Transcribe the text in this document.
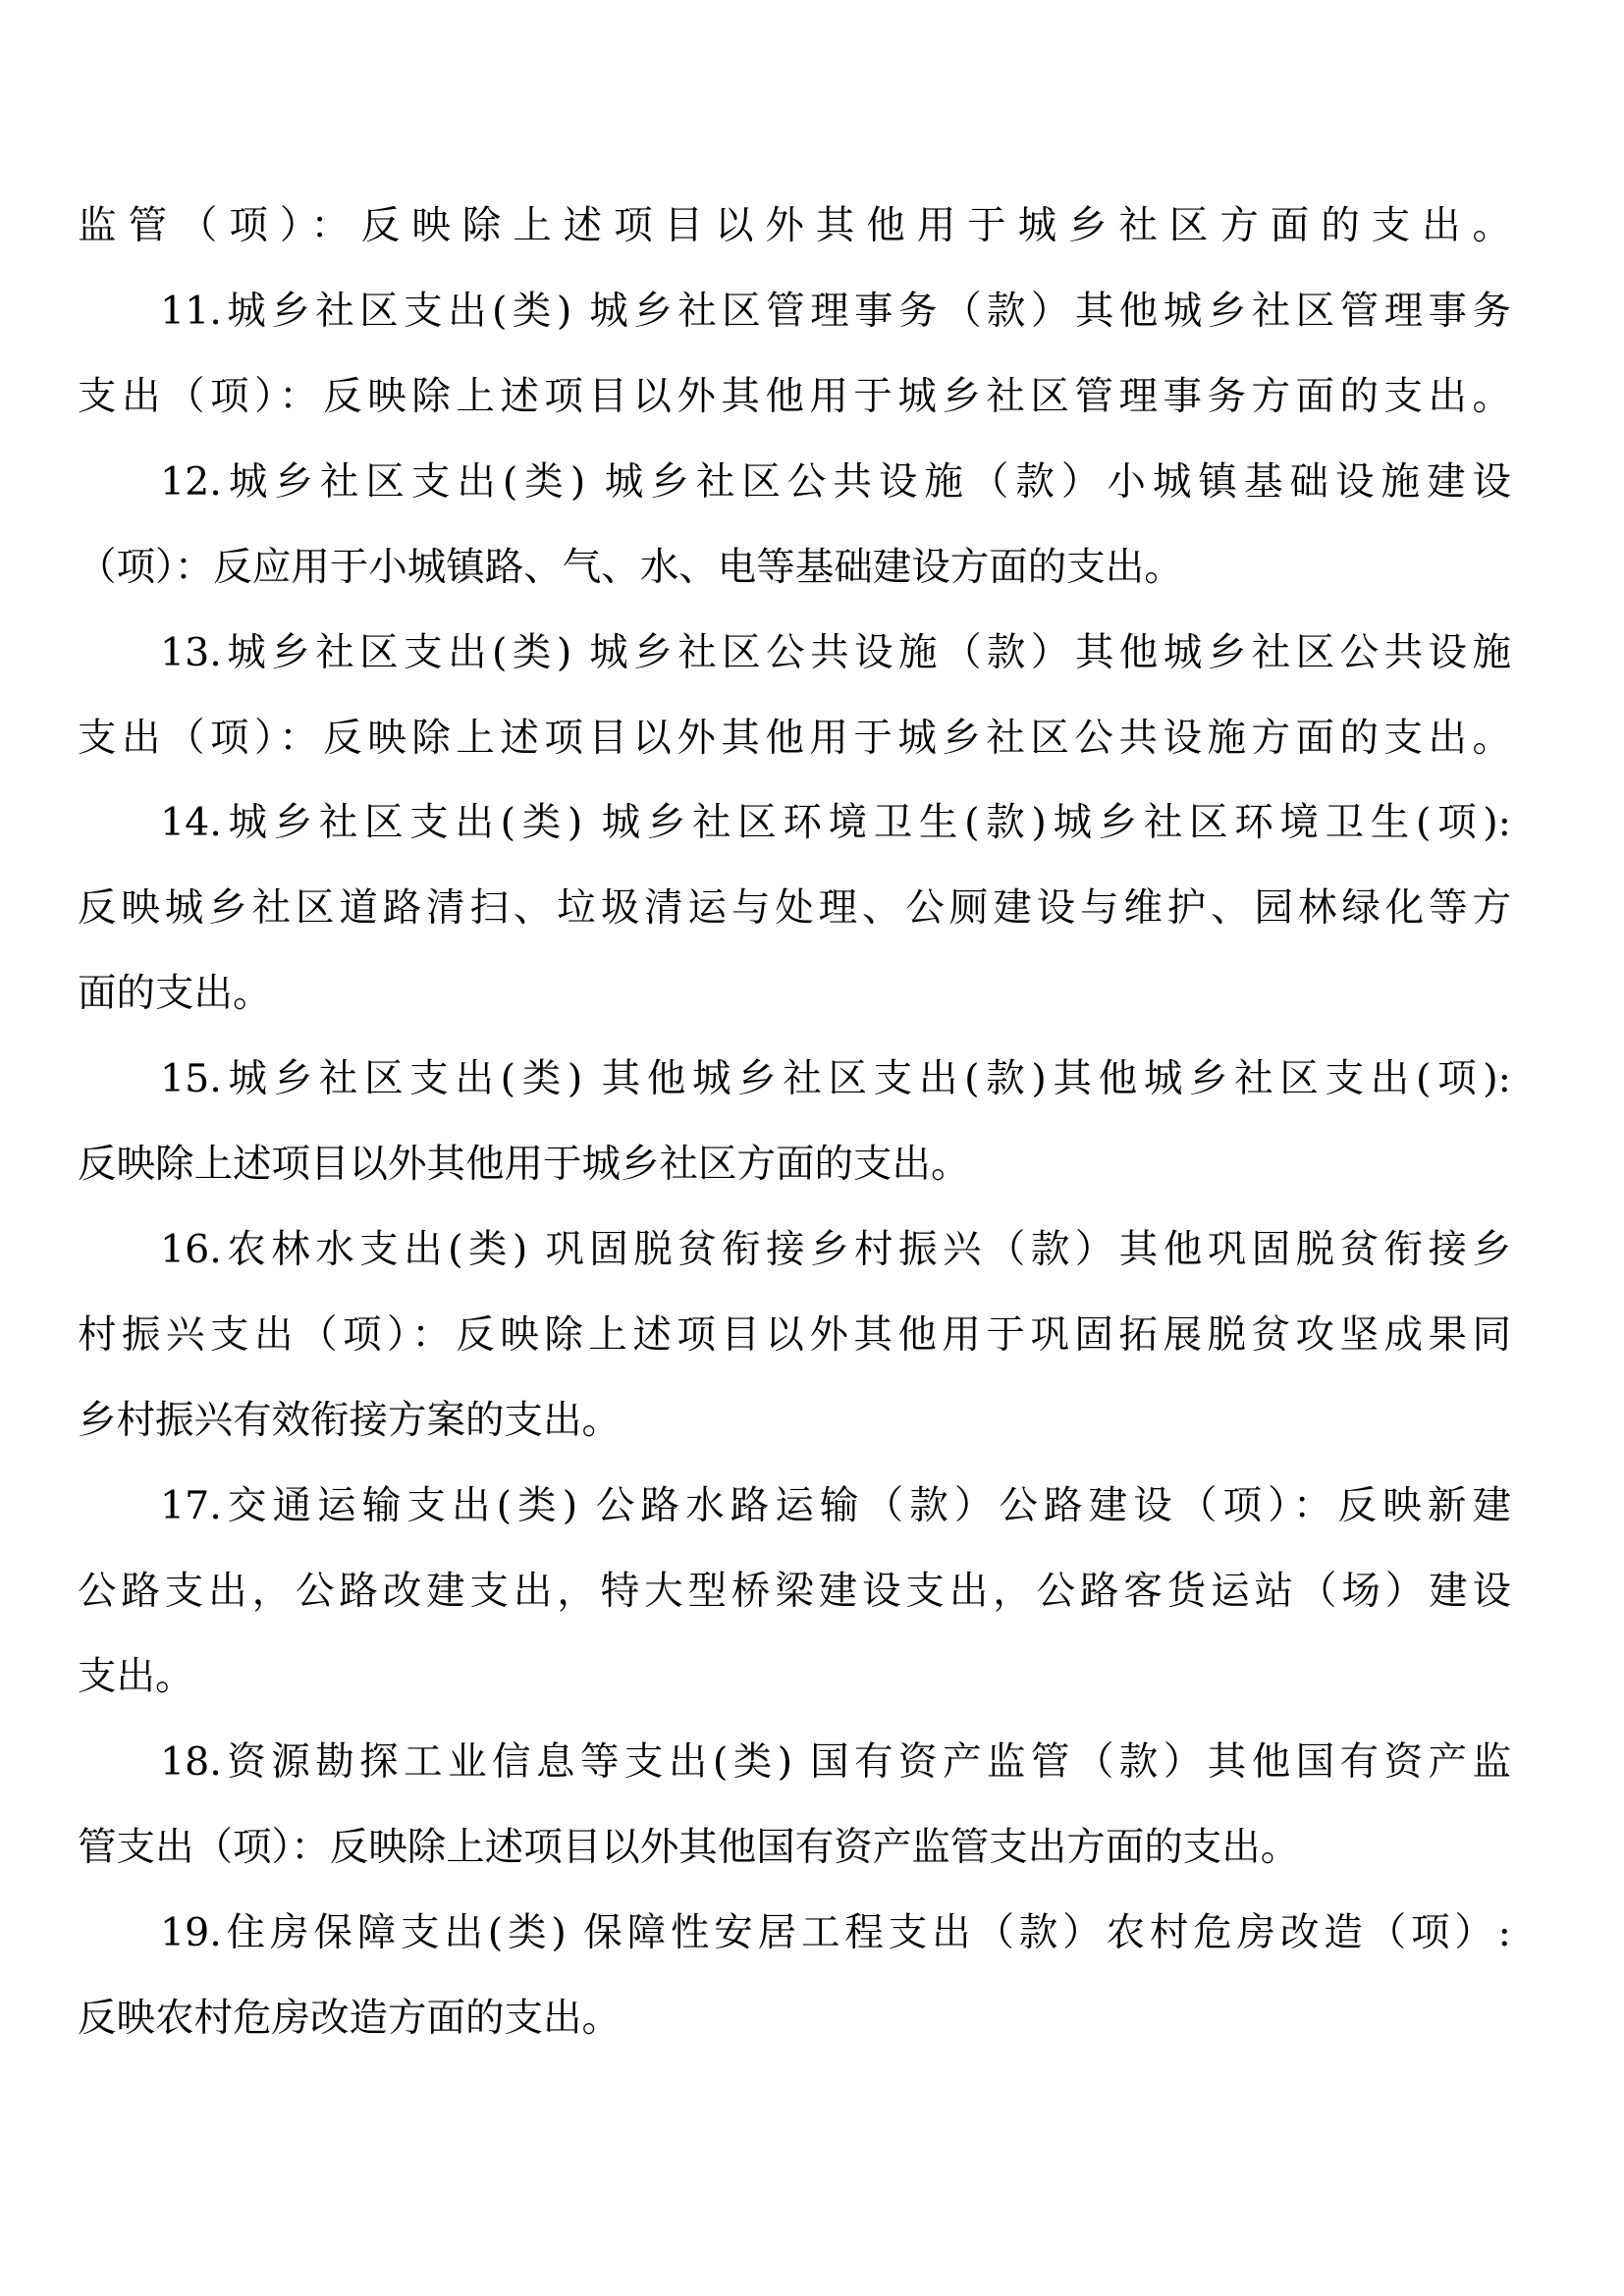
监管（项）：反映除上述项目以外其他用于城乡社区方面的支出。
11.城乡社区支出(类) 城乡社区管理事务（款）其他城乡社区管理事务
支出（项）：反映除上述项目以外其他用于城乡社区管理事务方面的支出。
12.城乡社区支出(类) 城乡社区公共设施（款）小城镇基础设施建设
（项）：反应用于小城镇路、气、水、电等基础建设方面的支出。
13.城乡社区支出(类) 城乡社区公共设施（款）其他城乡社区公共设施
支出（项）：反映除上述项目以外其他用于城乡社区公共设施方面的支出。
14.城乡社区支出(类) 城乡社区环境卫生(款)城乡社区环境卫生(项):
反映城乡社区道路清扫、垃圾清运与处理、公厕建设与维护、园林绿化等方
面的支出。
15.城乡社区支出(类) 其他城乡社区支出(款)其他城乡社区支出(项):
反映除上述项目以外其他用于城乡社区方面的支出。
16.农林水支出(类) 巩固脱贫衔接乡村振兴（款）其他巩固脱贫衔接乡
村振兴支出（项）：反映除上述项目以外其他用于巩固拓展脱贫攻坚成果同
乡村振兴有效衔接方案的支出。
17.交通运输支出(类) 公路水路运输（款）公路建设（项）：反映新建
公路支出，公路改建支出，特大型桥梁建设支出，公路客货运站（场）建设
支出。
18.资源勘探工业信息等支出(类) 国有资产监管（款）其他国有资产监
管支出（项）：反映除上述项目以外其他国有资产监管支出方面的支出。
19.住房保障支出(类) 保障性安居工程支出（款）农村危房改造（项）:
反映农村危房改造方面的支出。
